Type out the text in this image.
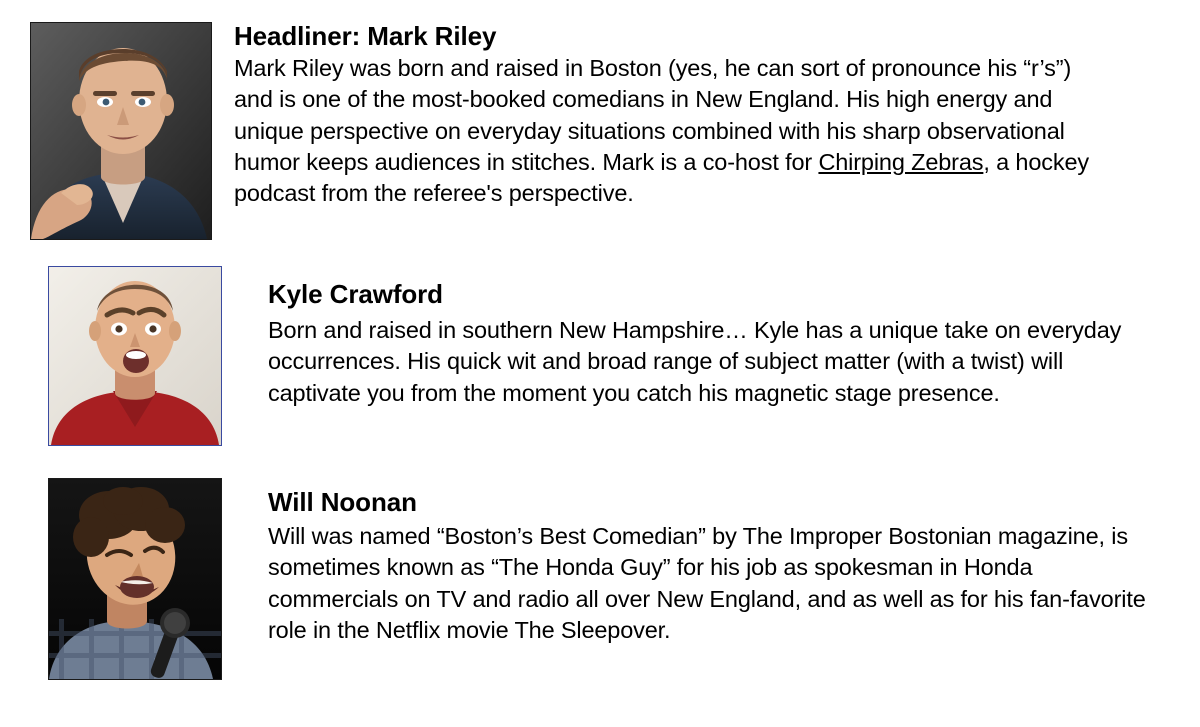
Headliner: Mark Riley

Mark Riley was born and raised in Boston (yes, he can sort of pronounce his “r’s”) and is one of the most-booked comedians in New England. His high energy and unique perspective on everyday situations combined with his sharp observational humor keeps audiences in stitches. Mark is a co-host for Chirping Zebras, a hockey podcast from the referee's perspective.

Kyle Crawford

Born and raised in southern New Hampshire… Kyle has a unique take on everyday occurrences. His quick wit and broad range of subject matter (with a twist) will captivate you from the moment you catch his magnetic stage presence.

Will Noonan

Will was named “Boston’s Best Comedian” by The Improper Bostonian magazine, is sometimes known as “The Honda Guy” for his job as spokesman in Honda commercials on TV and radio all over New England, and as well as for his fan-favorite role in the Netflix movie The Sleepover.
